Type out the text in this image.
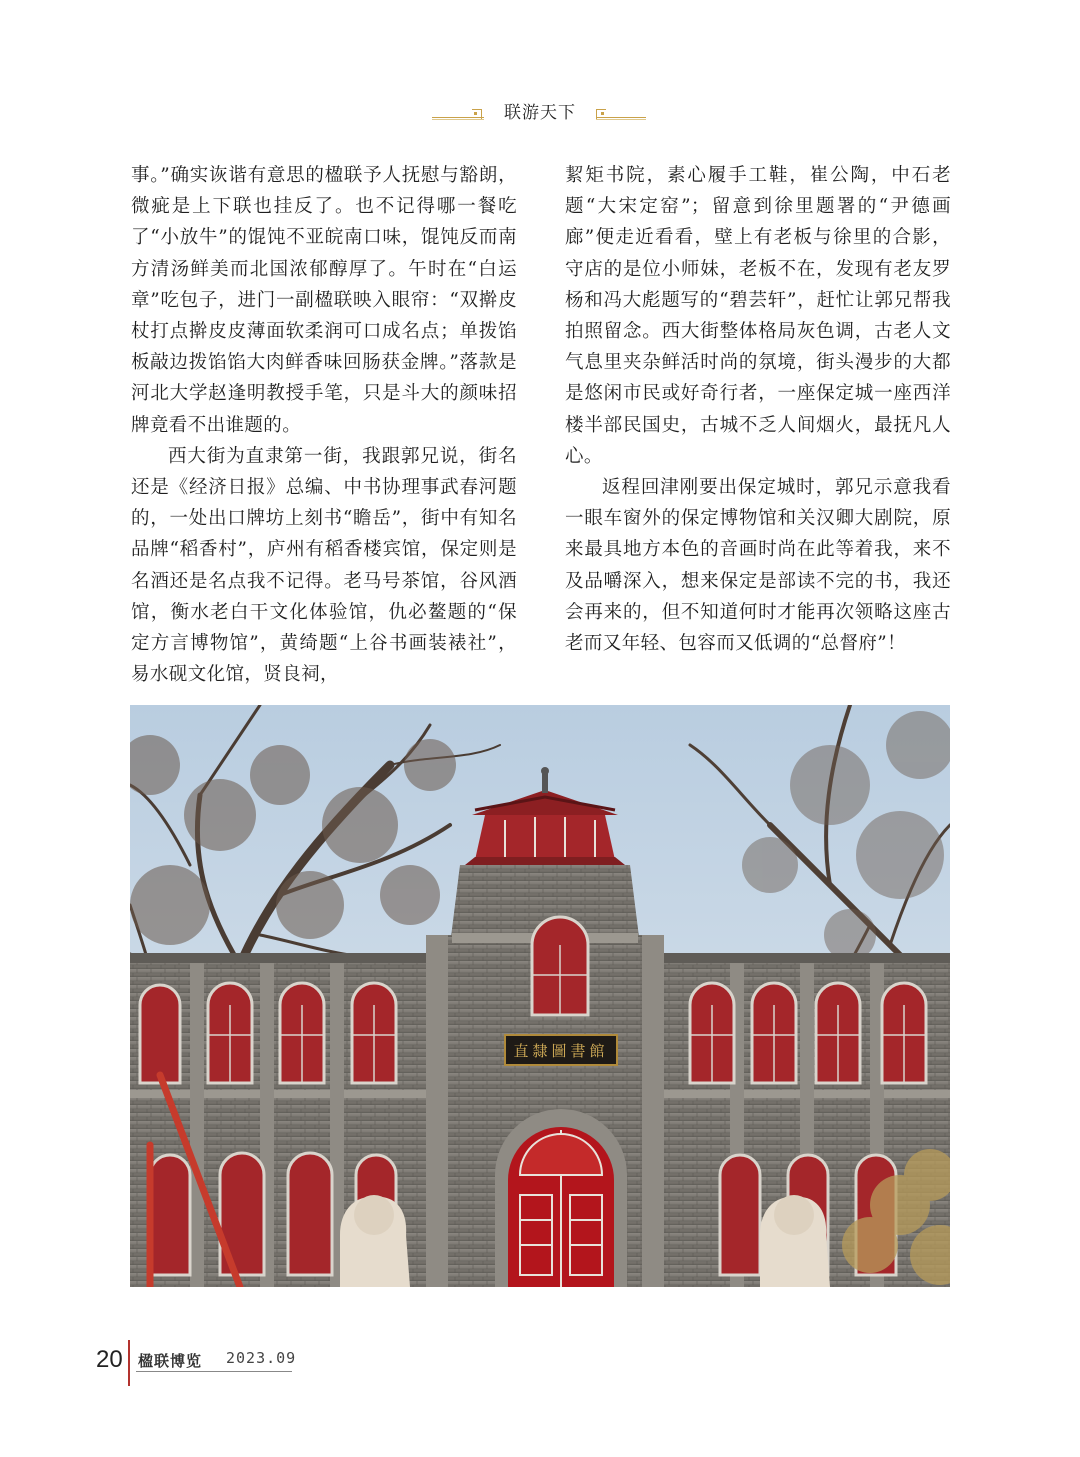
联游天下

事。”确实诙谐有意思的楹联予人抚慰与豁朗，微疵是上下联也挂反了。也不记得哪一餐吃了“小放牛”的馄饨不亚皖南口味，馄饨反而南方清汤鲜美而北国浓郁醇厚了。午时在“白运章”吃包子，进门一副楹联映入眼帘：“双擀皮杖打点擀皮皮薄面软柔润可口成名点；单拨馅板敲边拨馅馅大肉鲜香味回肠获金牌。”落款是河北大学赵逢明教授手笔，只是斗大的颜味招牌竟看不出谁题的。

西大街为直隶第一街，我跟郭兄说，街名还是《经济日报》总编、中书协理事武春河题的，一处出口牌坊上刻书“瞻岳”，街中有知名品牌“稻香村”，庐州有稻香楼宾馆，保定则是名酒还是名点我不记得。老马号茶馆，谷风酒馆，衡水老白干文化体验馆，仇必鳌题的“保定方言博物馆”，黄绮题“上谷书画装裱社”，易水砚文化馆，贤良祠，

絜矩书院，素心履手工鞋，崔公陶，中石老题“大宋定窑”；留意到徐里题署的“尹德画廊”便走近看看，壁上有老板与徐里的合影，守店的是位小师妹，老板不在，发现有老友罗杨和冯大彪题写的“碧芸轩”，赶忙让郭兄帮我拍照留念。西大街整体格局灰色调，古老人文气息里夹杂鲜活时尚的氛境，街头漫步的大都是悠闲市民或好奇行者，一座保定城一座西洋楼半部民国史，古城不乏人间烟火，最抚凡人心。

返程回津刚要出保定城时，郭兄示意我看一眼车窗外的保定博物馆和关汉卿大剧院，原来最具地方本色的音画时尚在此等着我，来不及品嚼深入，想来保定是部读不完的书，我还会再来的，但不知道何时才能再次领略这座古老而又年轻、包容而又低调的“总督府”！

直隸圖書館
20 楹联博览 2023.09
